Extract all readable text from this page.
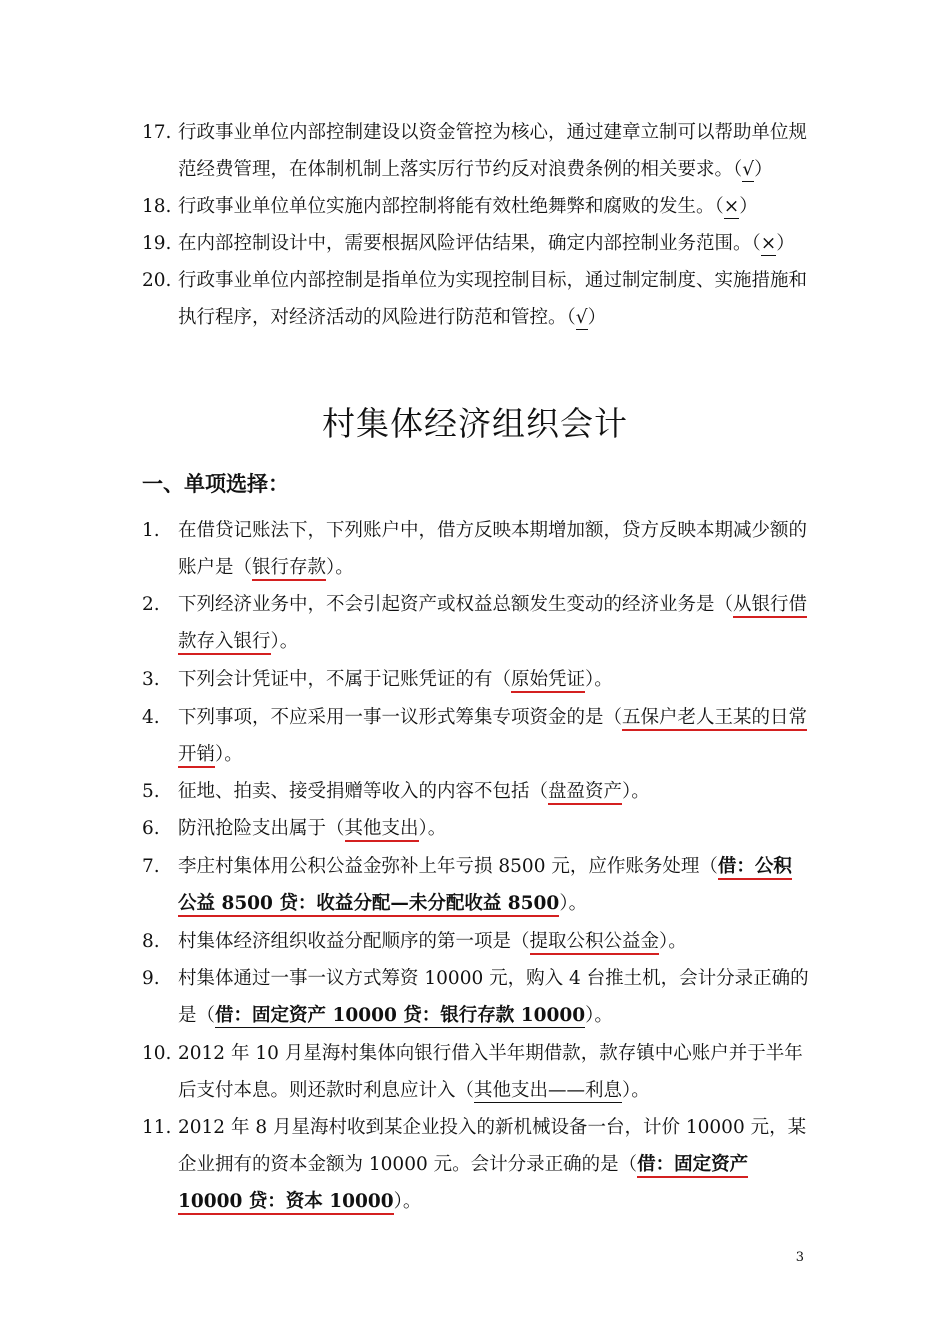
17. 行政事业单位内部控制建设以资金管控为核心，通过建章立制可以帮助单位规范经费管理，在体制机制上落实厉行节约反对浪费条例的相关要求。（√）
18. 行政事业单位单位实施内部控制将能有效杜绝舞弊和腐败的发生。（×）
19. 在内部控制设计中，需要根据风险评估结果，确定内部控制业务范围。（×）
20. 行政事业单位内部控制是指单位为实现控制目标，通过制定制度、实施措施和执行程序，对经济活动的风险进行防范和管控。（√）
村集体经济组织会计
一、单项选择：
1. 在借贷记账法下，下列账户中，借方反映本期增加额，贷方反映本期减少额的账户是（银行存款）。
2. 下列经济业务中，不会引起资产或权益总额发生变动的经济业务是（从银行借款存入银行）。
3. 下列会计凭证中，不属于记账凭证的有（原始凭证）。
4. 下列事项，不应采用一事一议形式筹集专项资金的是（五保户老人王某的日常开销）。
5. 征地、拍卖、接受捐赠等收入的内容不包括（盘盈资产）。
6. 防汛抢险支出属于（其他支出）。
7. 李庄村集体用公积公益金弥补上年亏损 8500 元，应作账务处理（借：公积公益 8500 贷：收益分配—未分配收益 8500）。
8. 村集体经济组织收益分配顺序的第一项是（提取公积公益金）。
9. 村集体通过一事一议方式筹资 10000 元，购入 4 台推土机，会计分录正确的是（借：固定资产 10000 贷：银行存款 10000）。
10. 2012 年 10 月星海村集体向银行借入半年期借款，款存镇中心账户并于半年后支付本息。则还款时利息应计入（其他支出——利息）。
11. 2012 年 8 月星海村收到某企业投入的新机械设备一台，计价 10000 元，某企业拥有的资本金额为 10000 元。会计分录正确的是（借：固定资产 10000 贷：资本 10000）。
3
